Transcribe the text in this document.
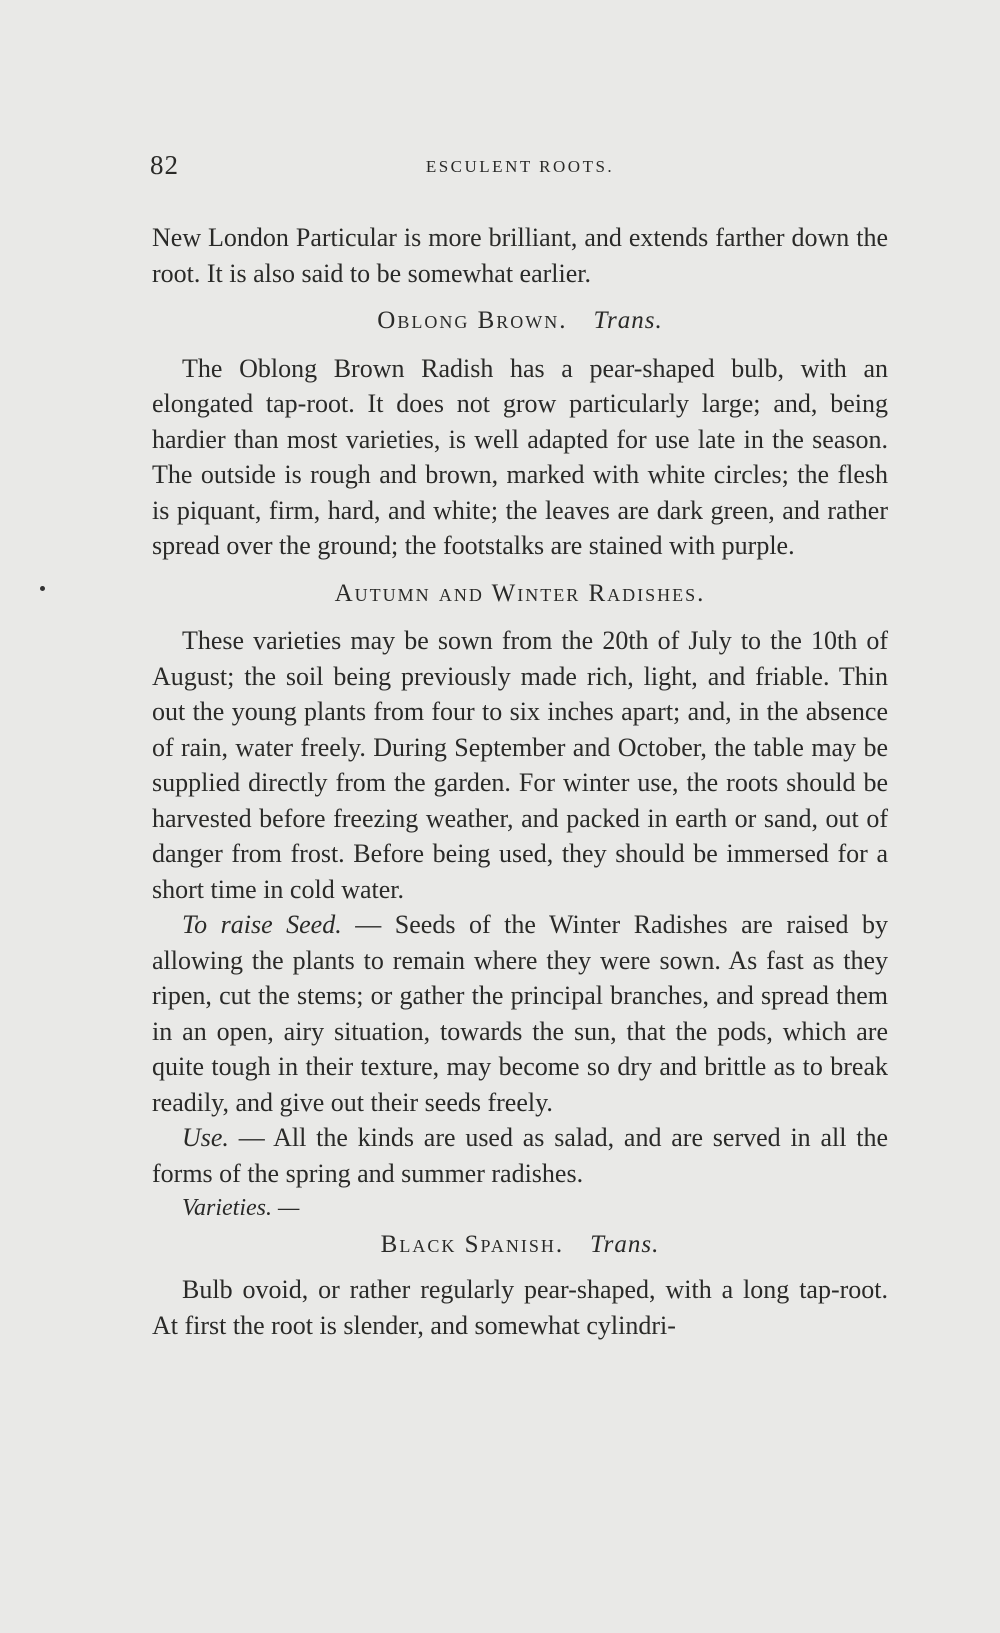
82	ESCULENT ROOTS.

New London Particular is more brilliant, and extends farther down the root. It is also said to be somewhat earlier.

Oblong Brown. Trans.

The Oblong Brown Radish has a pear-shaped bulb, with an elongated tap-root. It does not grow particularly large; and, being hardier than most varieties, is well adapted for use late in the season. The outside is rough and brown, marked with white circles; the flesh is piquant, firm, hard, and white; the leaves are dark green, and rather spread over the ground; the footstalks are stained with purple.

Autumn and Winter Radishes.

These varieties may be sown from the 20th of July to the 10th of August; the soil being previously made rich, light, and friable. Thin out the young plants from four to six inches apart; and, in the absence of rain, water freely. During September and October, the table may be supplied directly from the garden. For winter use, the roots should be harvested before freezing weather, and packed in earth or sand, out of danger from frost. Before being used, they should be immersed for a short time in cold water.

To raise Seed. — Seeds of the Winter Radishes are raised by allowing the plants to remain where they were sown. As fast as they ripen, cut the stems; or gather the principal branches, and spread them in an open, airy situation, towards the sun, that the pods, which are quite tough in their texture, may become so dry and brittle as to break readily, and give out their seeds freely.

Use. — All the kinds are used as salad, and are served in all the forms of the spring and summer radishes.

Varieties. —

Black Spanish. Trans.

Bulb ovoid, or rather regularly pear-shaped, with a long tap-root. At first the root is slender, and somewhat cylindri-
